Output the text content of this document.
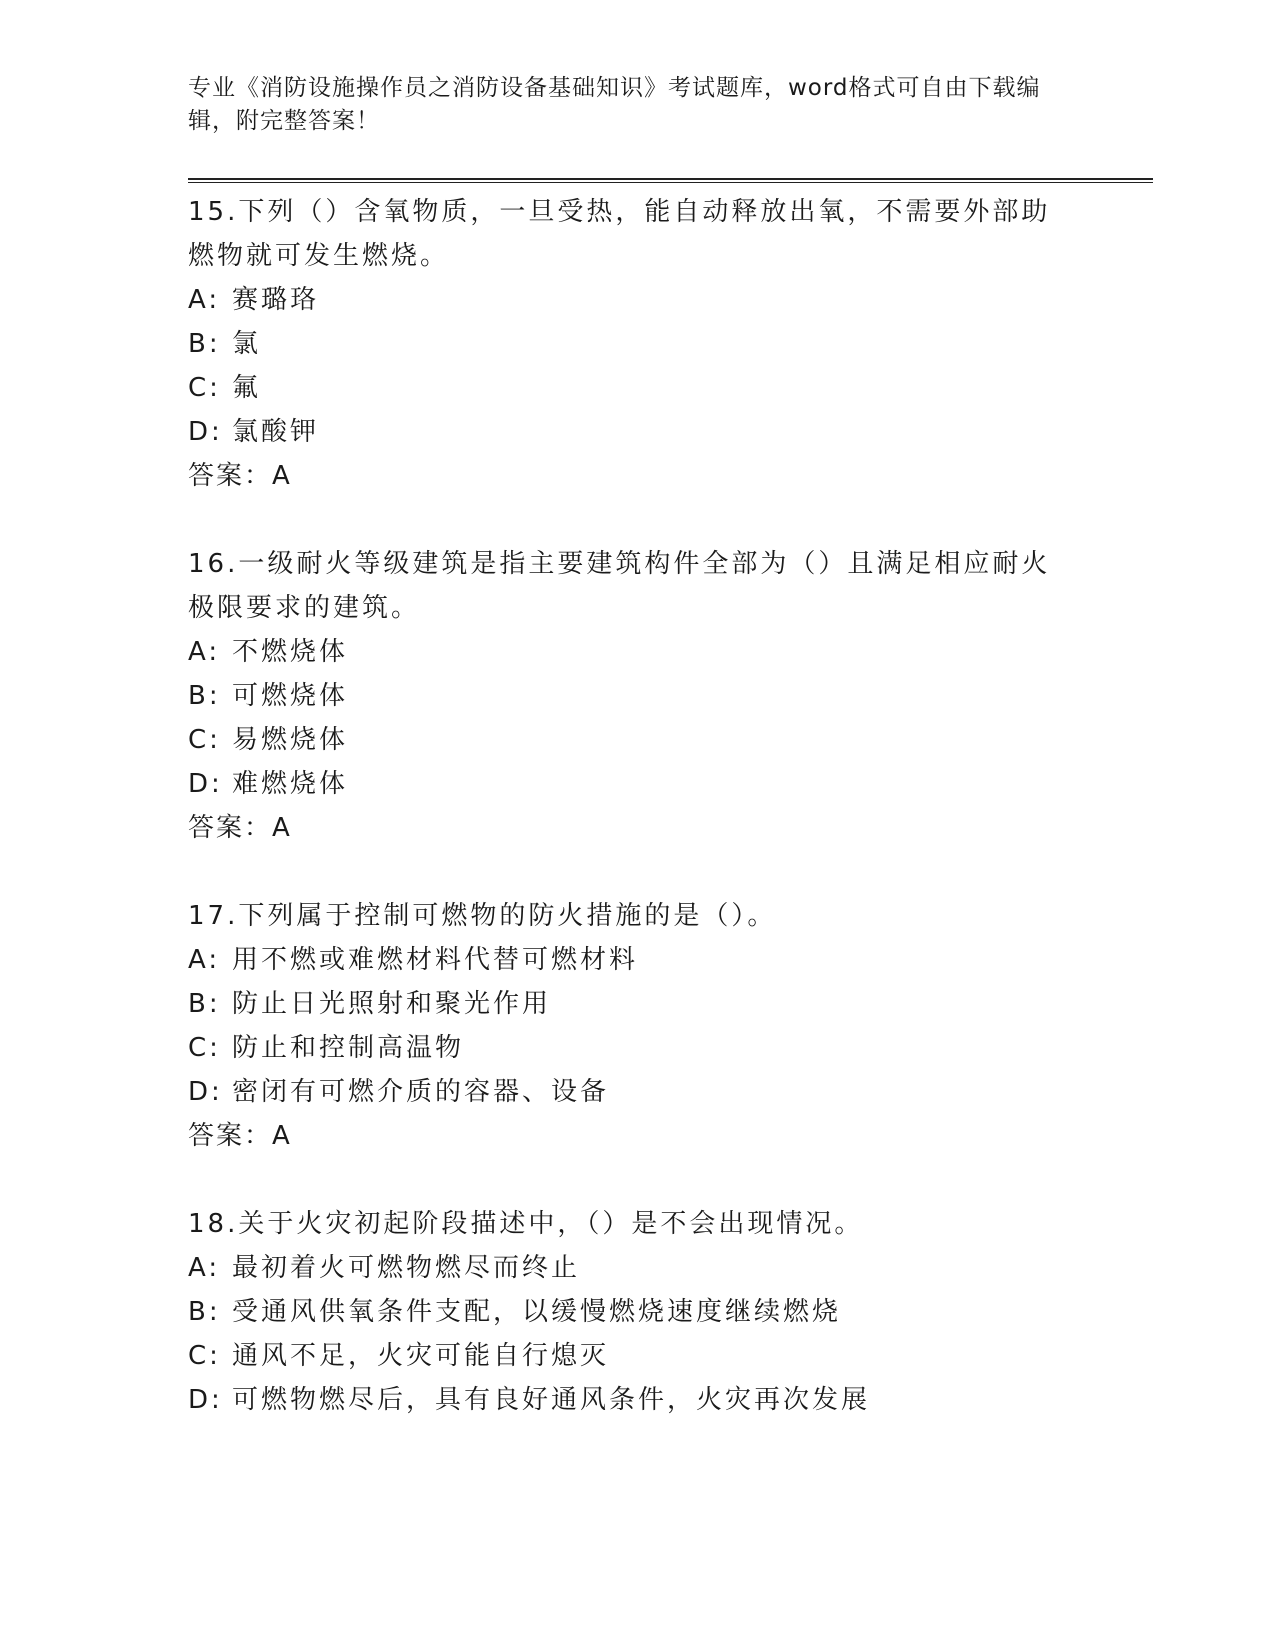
专业《消防设施操作员之消防设备基础知识》考试题库，word格式可自由下载编辑，附完整答案！
15.下列（）含氧物质，一旦受热，能自动释放出氧，不需要外部助燃物就可发生燃烧。
A: 赛璐珞
B: 氯
C: 氟
D: 氯酸钾
答案：A
16.一级耐火等级建筑是指主要建筑构件全部为（）且满足相应耐火极限要求的建筑。
A: 不燃烧体
B: 可燃烧体
C: 易燃烧体
D: 难燃烧体
答案：A
17.下列属于控制可燃物的防火措施的是（）。
A: 用不燃或难燃材料代替可燃材料
B: 防止日光照射和聚光作用
C: 防止和控制高温物
D: 密闭有可燃介质的容器、设备
答案：A
18.关于火灾初起阶段描述中，（）是不会出现情况。
A: 最初着火可燃物燃尽而终止
B: 受通风供氧条件支配，以缓慢燃烧速度继续燃烧
C: 通风不足，火灾可能自行熄灭
D: 可燃物燃尽后，具有良好通风条件，火灾再次发展
